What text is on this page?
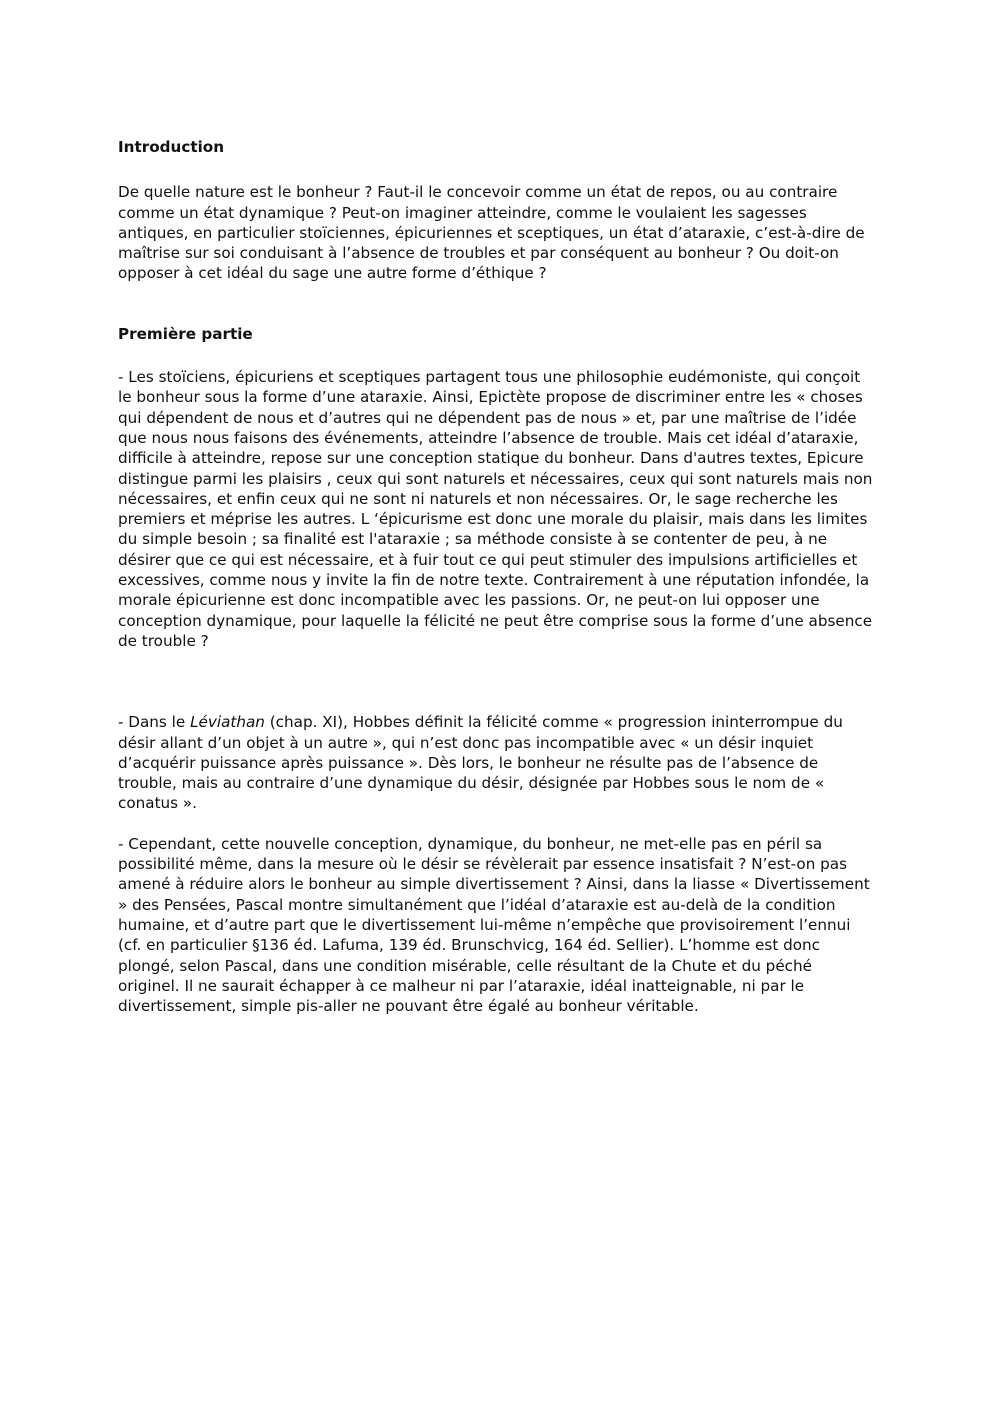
Introduction

De quelle nature est le bonheur ? Faut-il le concevoir comme un état de repos, ou au contraire comme un état dynamique ? Peut-on imaginer atteindre, comme le voulaient les sagesses antiques, en particulier stoïciennes, épicuriennes et sceptiques, un état d’ataraxie, c’est-à-dire de maîtrise sur soi conduisant à l’absence de troubles et par conséquent au bonheur ? Ou doit-on opposer à cet idéal du sage une autre forme d’éthique ?

Première partie

- Les stoïciens, épicuriens et sceptiques partagent tous une philosophie eudémoniste, qui conçoit le bonheur sous la forme d’une ataraxie. Ainsi, Epictète propose de discriminer entre les « choses qui dépendent de nous et d’autres qui ne dépendent pas de nous » et, par une maîtrise de l’idée que nous nous faisons des événements, atteindre l’absence de trouble. Mais cet idéal d’ataraxie, difficile à atteindre, repose sur une conception statique du bonheur. Dans d'autres textes, Epicure distingue parmi les plaisirs , ceux qui sont naturels et nécessaires, ceux qui sont naturels mais non nécessaires, et enfin ceux qui ne sont ni naturels et non nécessaires. Or, le sage recherche les premiers et méprise les autres. L ‘épicurisme est donc une morale du plaisir, mais dans les limites du simple besoin ; sa finalité est l'ataraxie ; sa méthode consiste à se contenter de peu, à ne désirer que ce qui est nécessaire, et à fuir tout ce qui peut stimuler des impulsions artificielles et excessives, comme nous y invite la fin de notre texte. Contrairement à une réputation infondée, la morale épicurienne est donc incompatible avec les passions. Or, ne peut-on lui opposer une conception dynamique, pour laquelle la félicité ne peut être comprise sous la forme d’une absence de trouble ?

- Dans le Léviathan (chap. XI), Hobbes définit la félicité comme « progression ininterrompue du désir allant d’un objet à un autre », qui n’est donc pas incompatible avec « un désir inquiet d’acquérir puissance après puissance ». Dès lors, le bonheur ne résulte pas de l’absence de trouble, mais au contraire d’une dynamique du désir, désignée par Hobbes sous le nom de « conatus ».

- Cependant, cette nouvelle conception, dynamique, du bonheur, ne met-elle pas en péril sa possibilité même, dans la mesure où le désir se révèlerait par essence insatisfait ? N’est-on pas amené à réduire alors le bonheur au simple divertissement ? Ainsi, dans la liasse « Divertissement » des Pensées, Pascal montre simultanément que l’idéal d’ataraxie est au-delà de la condition humaine, et d’autre part que le divertissement lui-même n’empêche que provisoirement l’ennui (cf. en particulier §136 éd. Lafuma, 139 éd. Brunschvicg, 164 éd. Sellier). L’homme est donc plongé, selon Pascal, dans une condition misérable, celle résultant de la Chute et du péché originel. Il ne saurait échapper à ce malheur ni par l’ataraxie, idéal inatteignable, ni par le divertissement, simple pis-aller ne pouvant être égalé au bonheur véritable.
